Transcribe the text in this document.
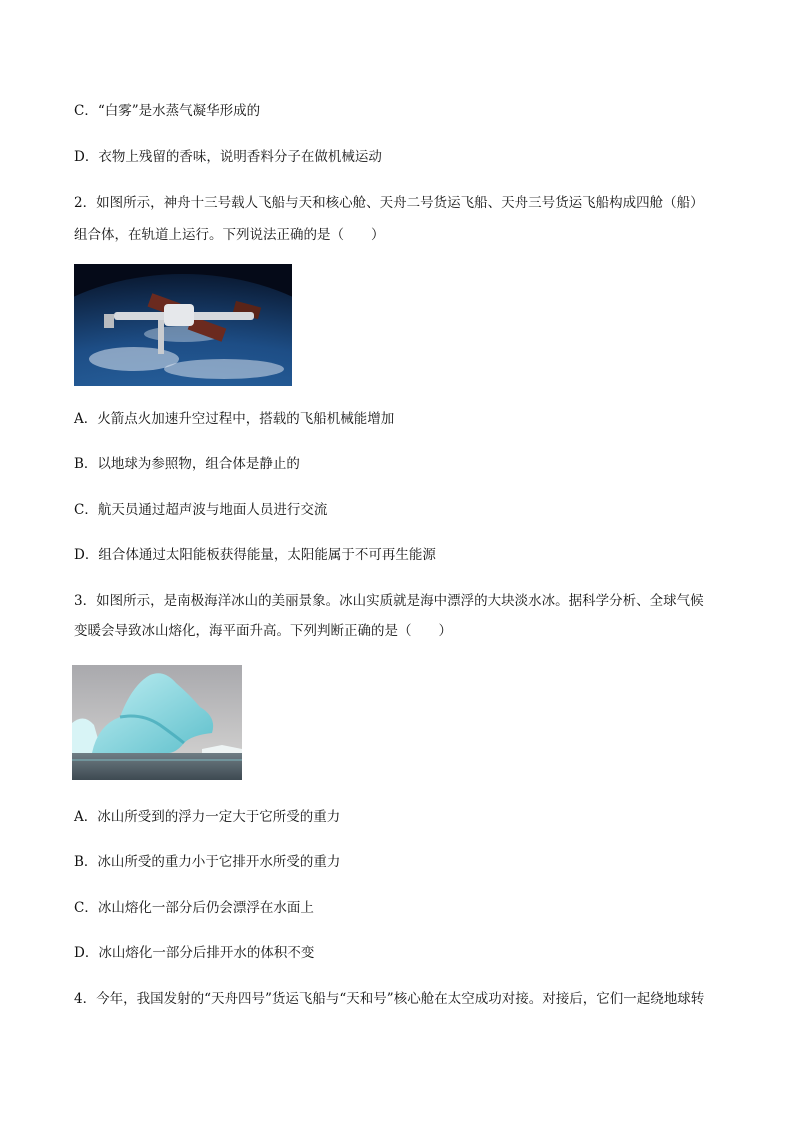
C．“白雾”是水蒸气凝华形成的
D．衣物上残留的香味，说明香料分子在做机械运动
2．如图所示，神舟十三号载人飞船与天和核心舱、天舟二号货运飞船、天舟三号货运飞船构成四舱（船）
组合体，在轨道上运行。下列说法正确的是（　　）
A．火箭点火加速升空过程中，搭载的飞船机械能增加
B．以地球为参照物，组合体是静止的
C．航天员通过超声波与地面人员进行交流
D．组合体通过太阳能板获得能量，太阳能属于不可再生能源
3．如图所示，是南极海洋冰山的美丽景象。冰山实质就是海中漂浮的大块淡水冰。据科学分析、全球气候
变暖会导致冰山熔化，海平面升高。下列判断正确的是（　　）
A．冰山所受到的浮力一定大于它所受的重力
B．冰山所受的重力小于它排开水所受的重力
C．冰山熔化一部分后仍会漂浮在水面上
D．冰山熔化一部分后排开水的体积不变
4．今年，我国发射的“天舟四号”货运飞船与“天和号”核心舱在太空成功对接。对接后，它们一起绕地球转
